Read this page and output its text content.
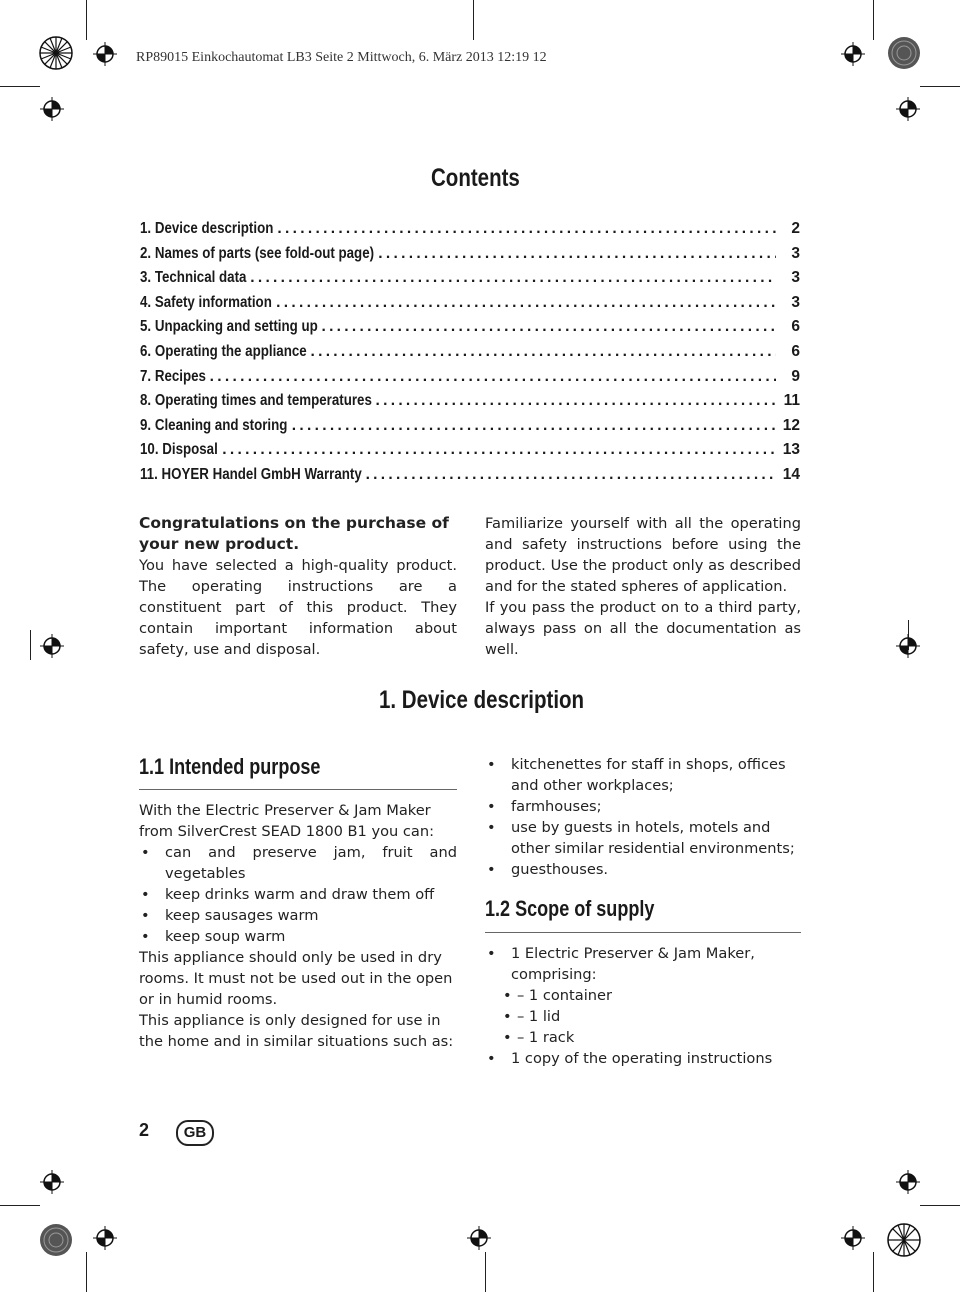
RP89015 Einkochautomat LB3 Seite 2 Mittwoch, 6. März 2013 12:19 12
Contents
1. Device description . . .	2
2. Names of parts (see fold-out page) . . .	3
3. Technical data . . .	3
4. Safety information . . .	3
5. Unpacking and setting up . . .	6
6. Operating the appliance . . .	6
7. Recipes . . .	9
8. Operating times and temperatures . . .	11
9. Cleaning and storing . . .	12
10. Disposal . . .	13
11. HOYER Handel GmbH Warranty . . .	14

Congratulations on the purchase of your new product.

You have selected a high-quality product. The operating instructions are a constituent part of this product. They contain important information about safety, use and disposal.

Familiarize yourself with all the operating and safety instructions before using the product. Use the product only as described and for the stated spheres of application.

If you pass the product on to a third party, always pass on all the documentation as well.

1. Device description
1.1 Intended purpose

With the Electric Preserver & Jam Maker from SilverCrest SEAD 1800 B1 you can:

• can and preserve jam, fruit and vegetables
• keep drinks warm and draw them off
• keep sausages warm
• keep soup warm

This appliance should only be used in dry rooms. It must not be used out in the open or in humid rooms.

This appliance is only designed for use in the home and in similar situations such as:

• kitchenettes for staff in shops, offices and other workplaces;
• farmhouses;
• use by guests in hotels, motels and other similar residential environments;
• guesthouses.
1.2 Scope of supply
• 1 Electric Preserver & Jam Maker, comprising:
• – 1 container
• – 1 lid
• – 1 rack
• 1 copy of the operating instructions
2	GB
